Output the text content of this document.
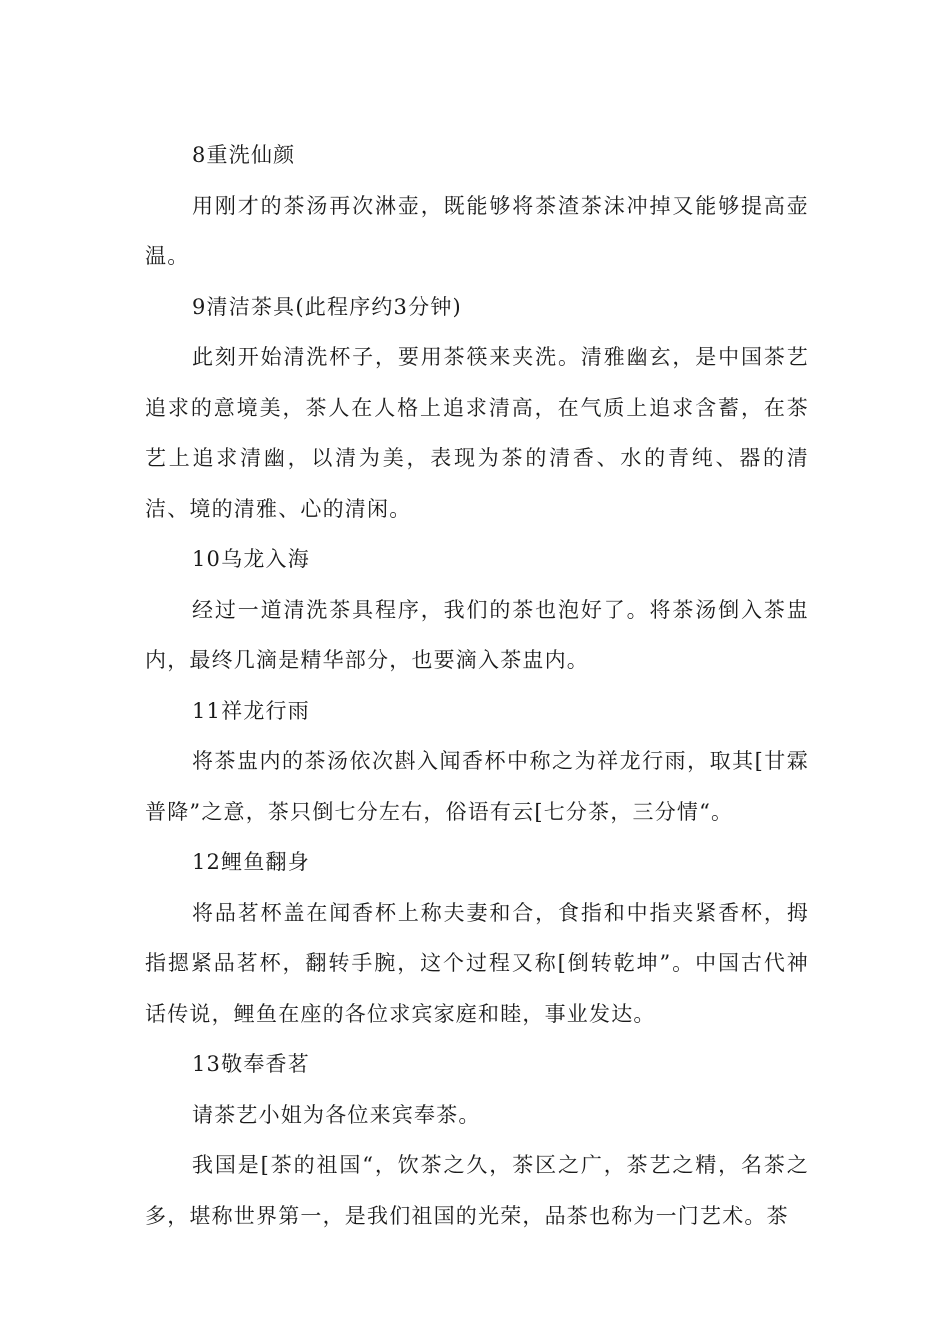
8重洗仙颜

用刚才的茶汤再次淋壶，既能够将茶渣茶沫冲掉又能够提高壶温。

9清洁茶具(此程序约3分钟)

此刻开始清洗杯子，要用茶筷来夹洗。清雅幽玄，是中国茶艺追求的意境美，茶人在人格上追求清高，在气质上追求含蓄，在茶艺上追求清幽，以清为美，表现为茶的清香、水的青纯、器的清洁、境的清雅、心的清闲。

10乌龙入海

经过一道清洗茶具程序，我们的茶也泡好了。将茶汤倒入茶盅内，最终几滴是精华部分，也要滴入茶盅内。

11祥龙行雨

将茶盅内的茶汤依次斟入闻香杯中称之为祥龙行雨，取其[甘霖普降”之意，茶只倒七分左右，俗语有云[七分茶，三分情“。

12鲤鱼翻身

将品茗杯盖在闻香杯上称夫妻和合，食指和中指夹紧香杯，拇指摁紧品茗杯，翻转手腕，这个过程又称[倒转乾坤”。中国古代神话传说，鲤鱼在座的各位求宾家庭和睦，事业发达。

13敬奉香茗

请茶艺小姐为各位来宾奉茶。

我国是[茶的祖国“，饮茶之久，茶区之广，茶艺之精，名茶之多，堪称世界第一，是我们祖国的光荣，品茶也称为一门艺术。茶
